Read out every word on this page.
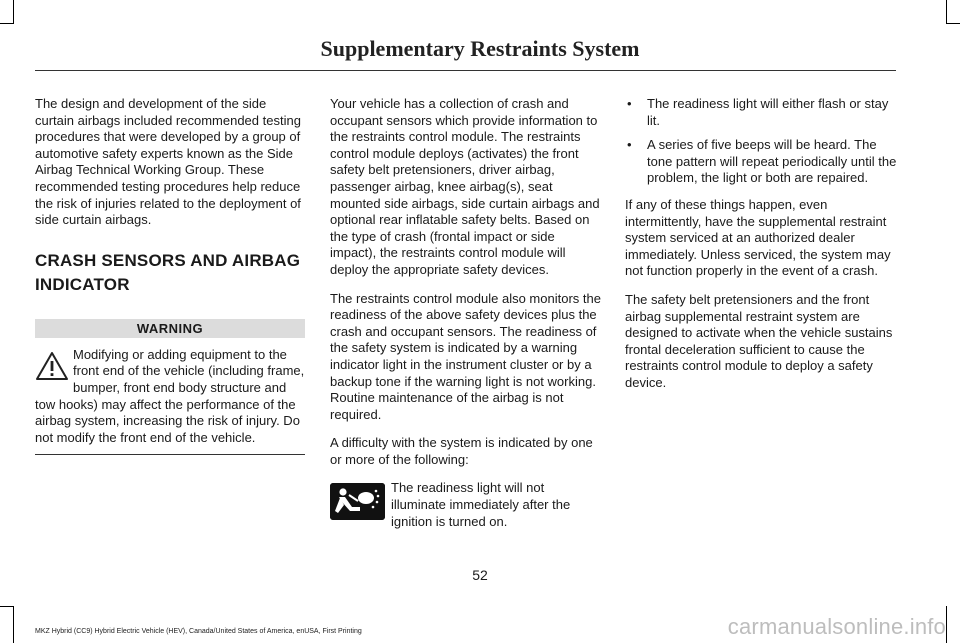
Supplementary Restraints System

The design and development of the side curtain airbags included recommended testing procedures that were developed by a group of automotive safety experts known as the Side Airbag Technical Working Group. These recommended testing procedures help reduce the risk of injuries related to the deployment of side curtain airbags.

CRASH SENSORS AND AIRBAG
INDICATOR
WARNING
Modifying or adding equipment to the front end of the vehicle (including frame, bumper, front end body structure and tow hooks) may affect the performance of the airbag system, increasing the risk of injury. Do not modify the front end of the vehicle.

Your vehicle has a collection of crash and occupant sensors which provide information to the restraints control module. The restraints control module deploys (activates) the front safety belt pretensioners, driver airbag, passenger airbag, knee airbag(s), seat mounted side airbags, side curtain airbags and optional rear inflatable safety belts. Based on the type of crash (frontal impact or side impact), the restraints control module will deploy the appropriate safety devices.

The restraints control module also monitors the readiness of the above safety devices plus the crash and occupant sensors. The readiness of the safety system is indicated by a warning indicator light in the instrument cluster or by a backup tone if the warning light is not working. Routine maintenance of the airbag is not required.

A difficulty with the system is indicated by one or more of the following:

The readiness light will not illuminate immediately after the ignition is turned on.
• The readiness light will either flash or stay lit.
• A series of five beeps will be heard. The tone pattern will repeat periodically until the problem, the light or both are repaired.

If any of these things happen, even intermittently, have the supplemental restraint system serviced at an authorized dealer immediately. Unless serviced, the system may not function properly in the event of a crash.

The safety belt pretensioners and the front airbag supplemental restraint system are designed to activate when the vehicle sustains frontal deceleration sufficient to cause the restraints control module to deploy a safety device.

52
MKZ Hybrid (CC9) Hybrid Electric Vehicle (HEV), Canada/United States of America, enUSA, First Printing	carmanualsonline.info
